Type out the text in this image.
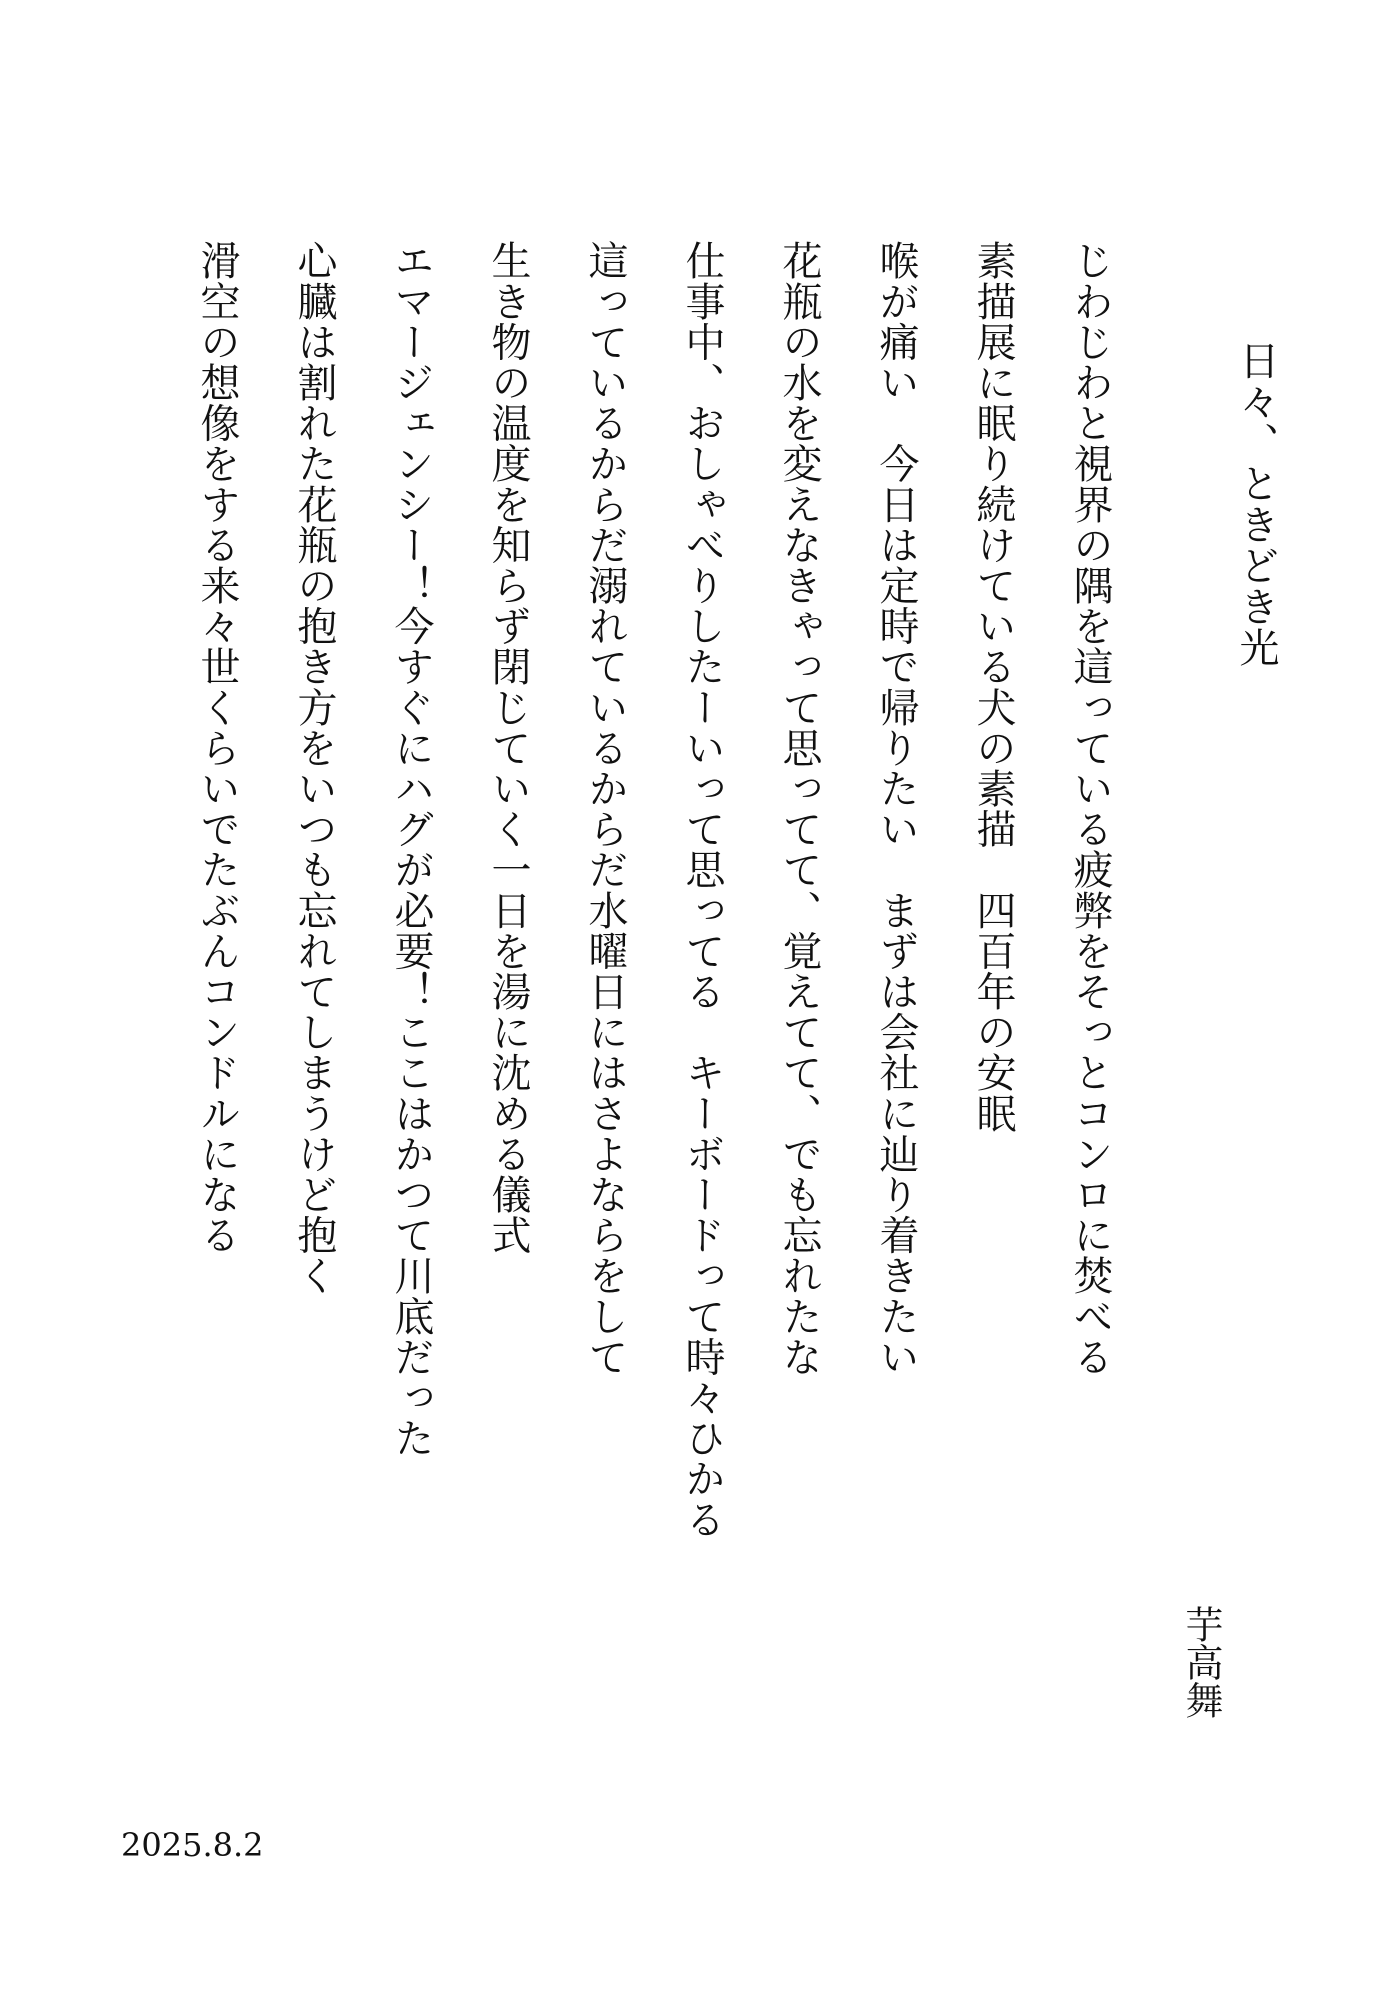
日々、ときどき光
じわじわと視界の隅を這っている疲弊をそっとコンロに焚べる
素描展に眠り続けている犬の素描　四百年の安眠
喉が痛い　今日は定時で帰りたい　まずは会社に辿り着きたい
花瓶の水を変えなきゃって思ってて、覚えてて、でも忘れたな
仕事中、おしゃべりしたーいって思ってる　キーボードって時々ひかる
這っているからだ溺れているからだ水曜日にはさよならをして
生き物の温度を知らず閉じていく一日を湯に沈める儀式
エマージェンシー！今すぐにハグが必要！ここはかつて川底だった
心臓は割れた花瓶の抱き方をいつも忘れてしまうけど抱く
滑空の想像をする来々世くらいでたぶんコンドルになる
芋高舞
2025.8.2
